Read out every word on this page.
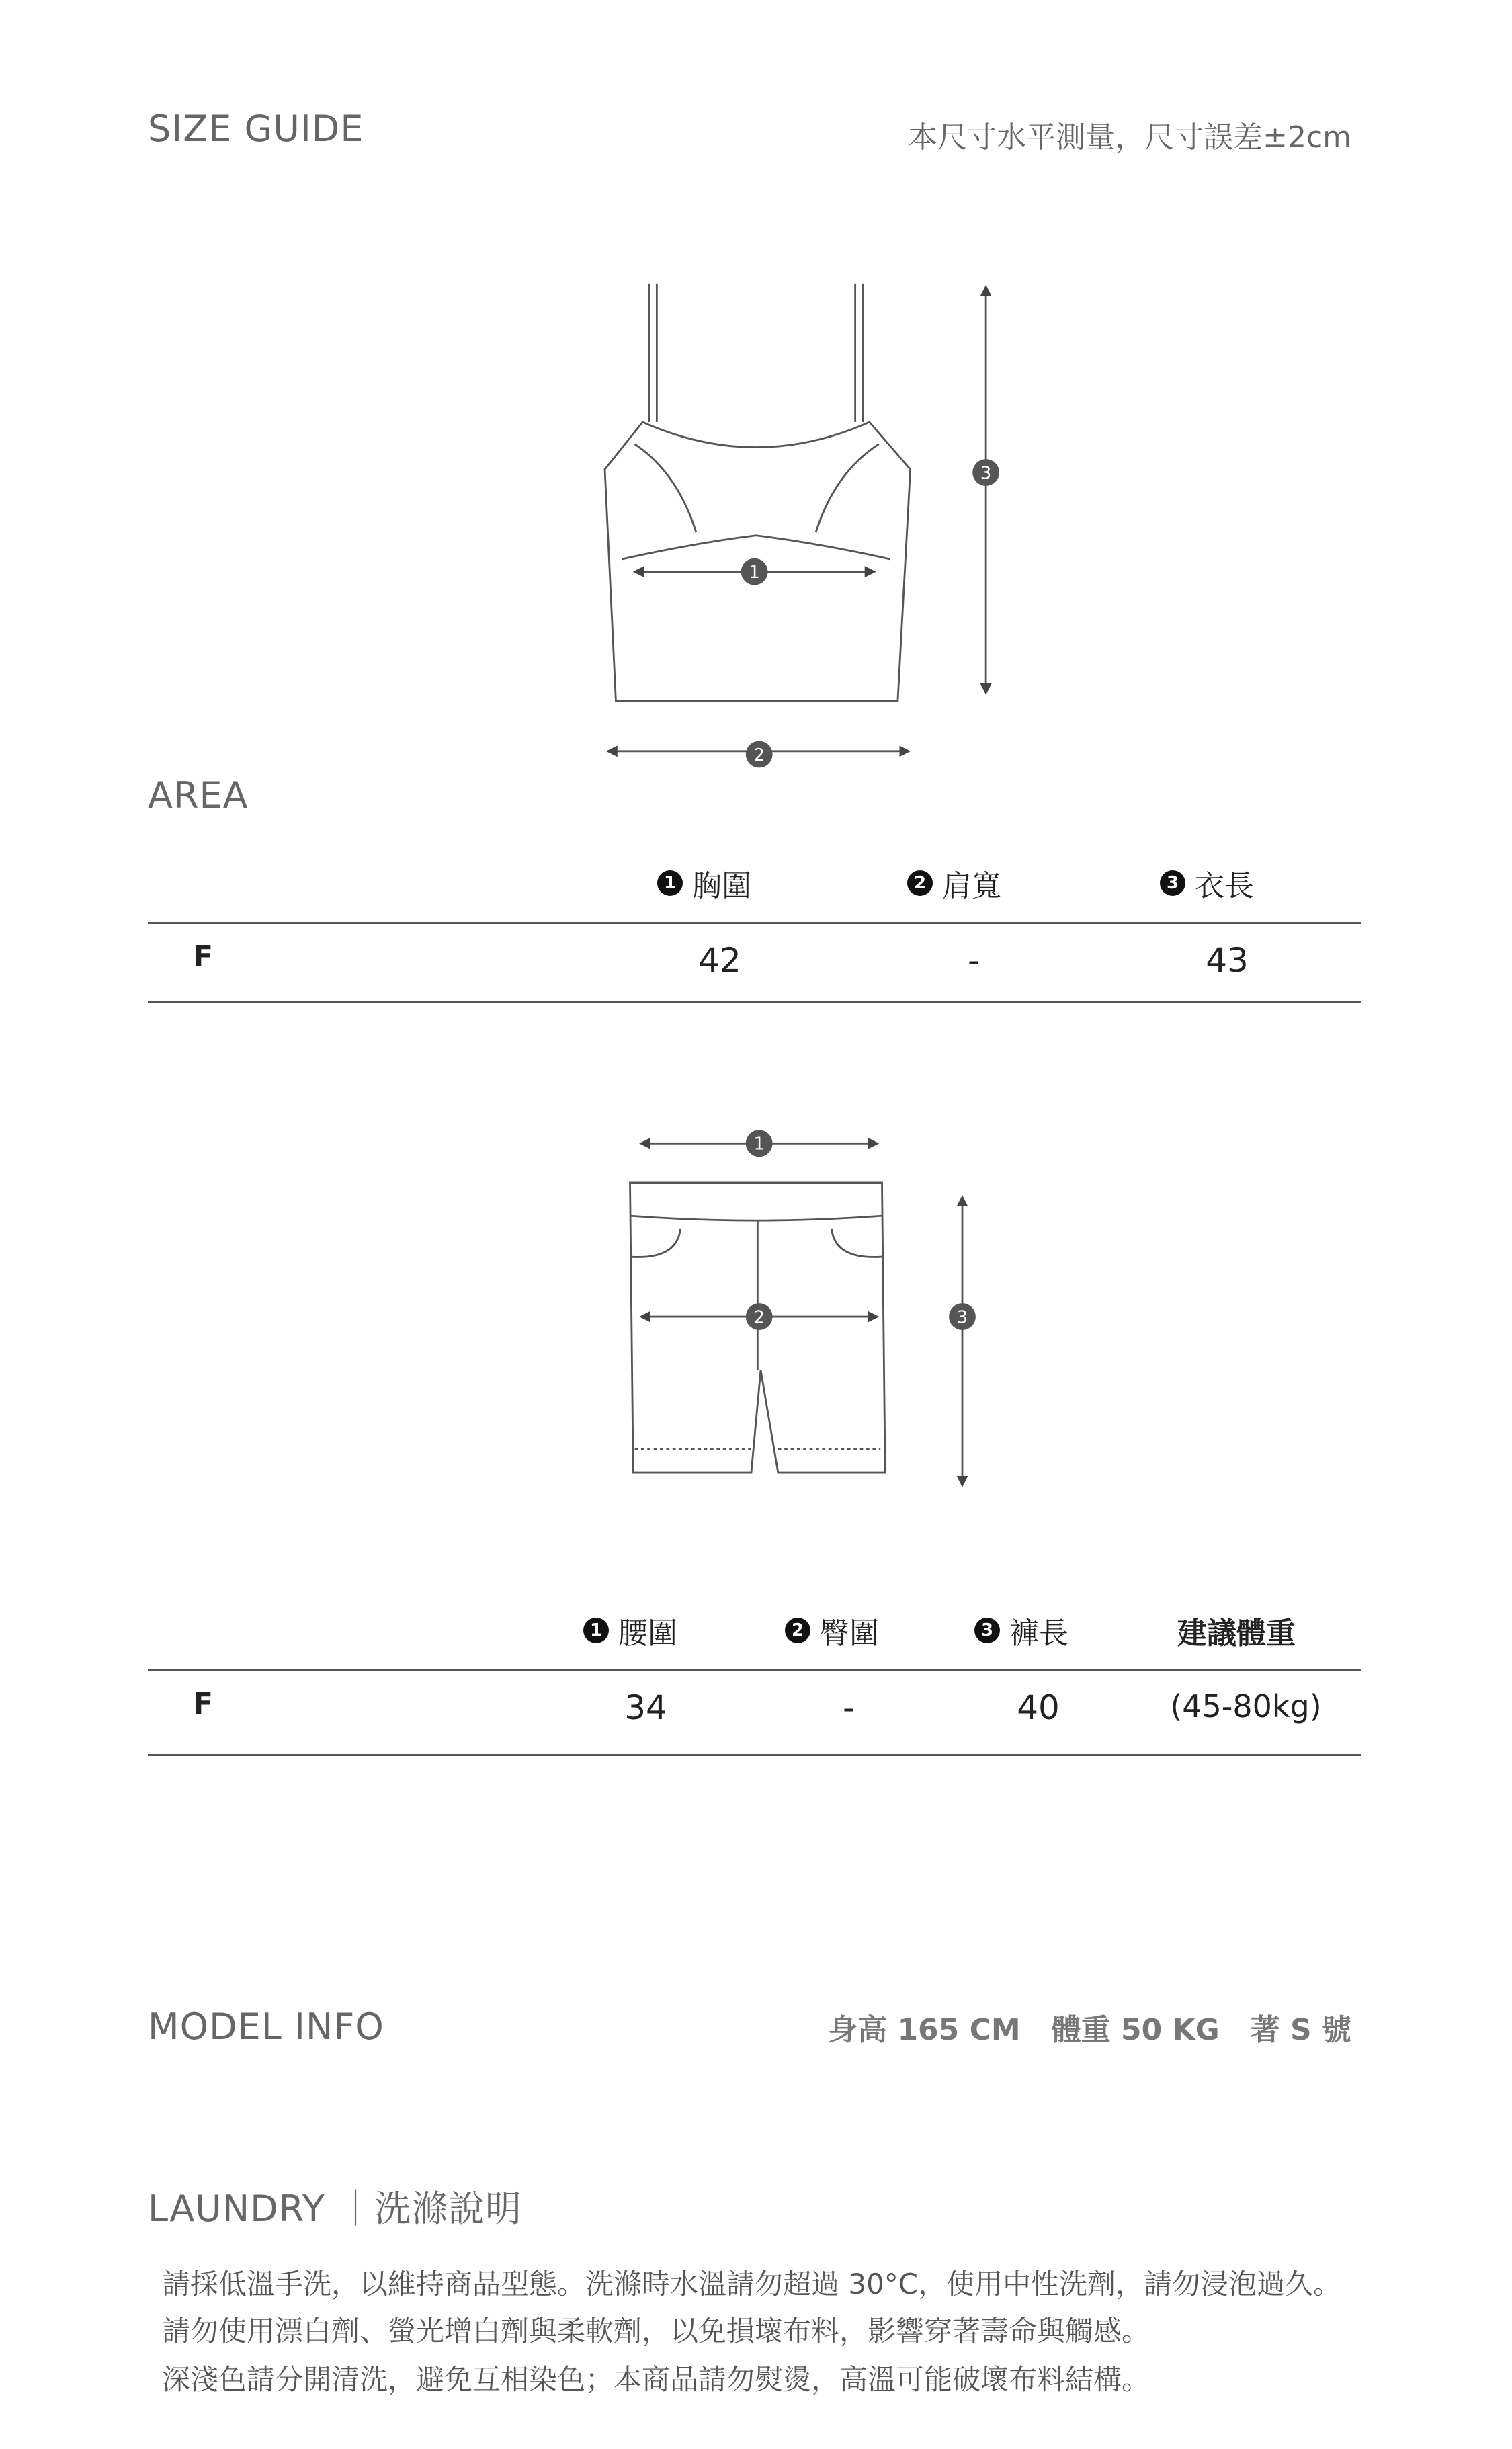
SIZE GUIDE	本尺寸水平測量，尺寸誤差±2cm
1
2
3
1
2	3
AREA
1 胸圍	2 肩寬	3 衣長
F	42	-	43
1 腰圍	2 臀圍	3 褲長	建議體重
F	34	-	40	(45-80kg)
MODEL INFO	身高 165 CM   體重 50 KG   著 S 號
LAUNDRY ｜洗滌說明
請採低溫手洗，以維持商品型態。洗滌時水溫請勿超過 30°C，使用中性洗劑，請勿浸泡過久。
請勿使用漂白劑、螢光增白劑與柔軟劑，以免損壞布料，影響穿著壽命與觸感。
深淺色請分開清洗，避免互相染色；本商品請勿熨燙，高溫可能破壞布料結構。
